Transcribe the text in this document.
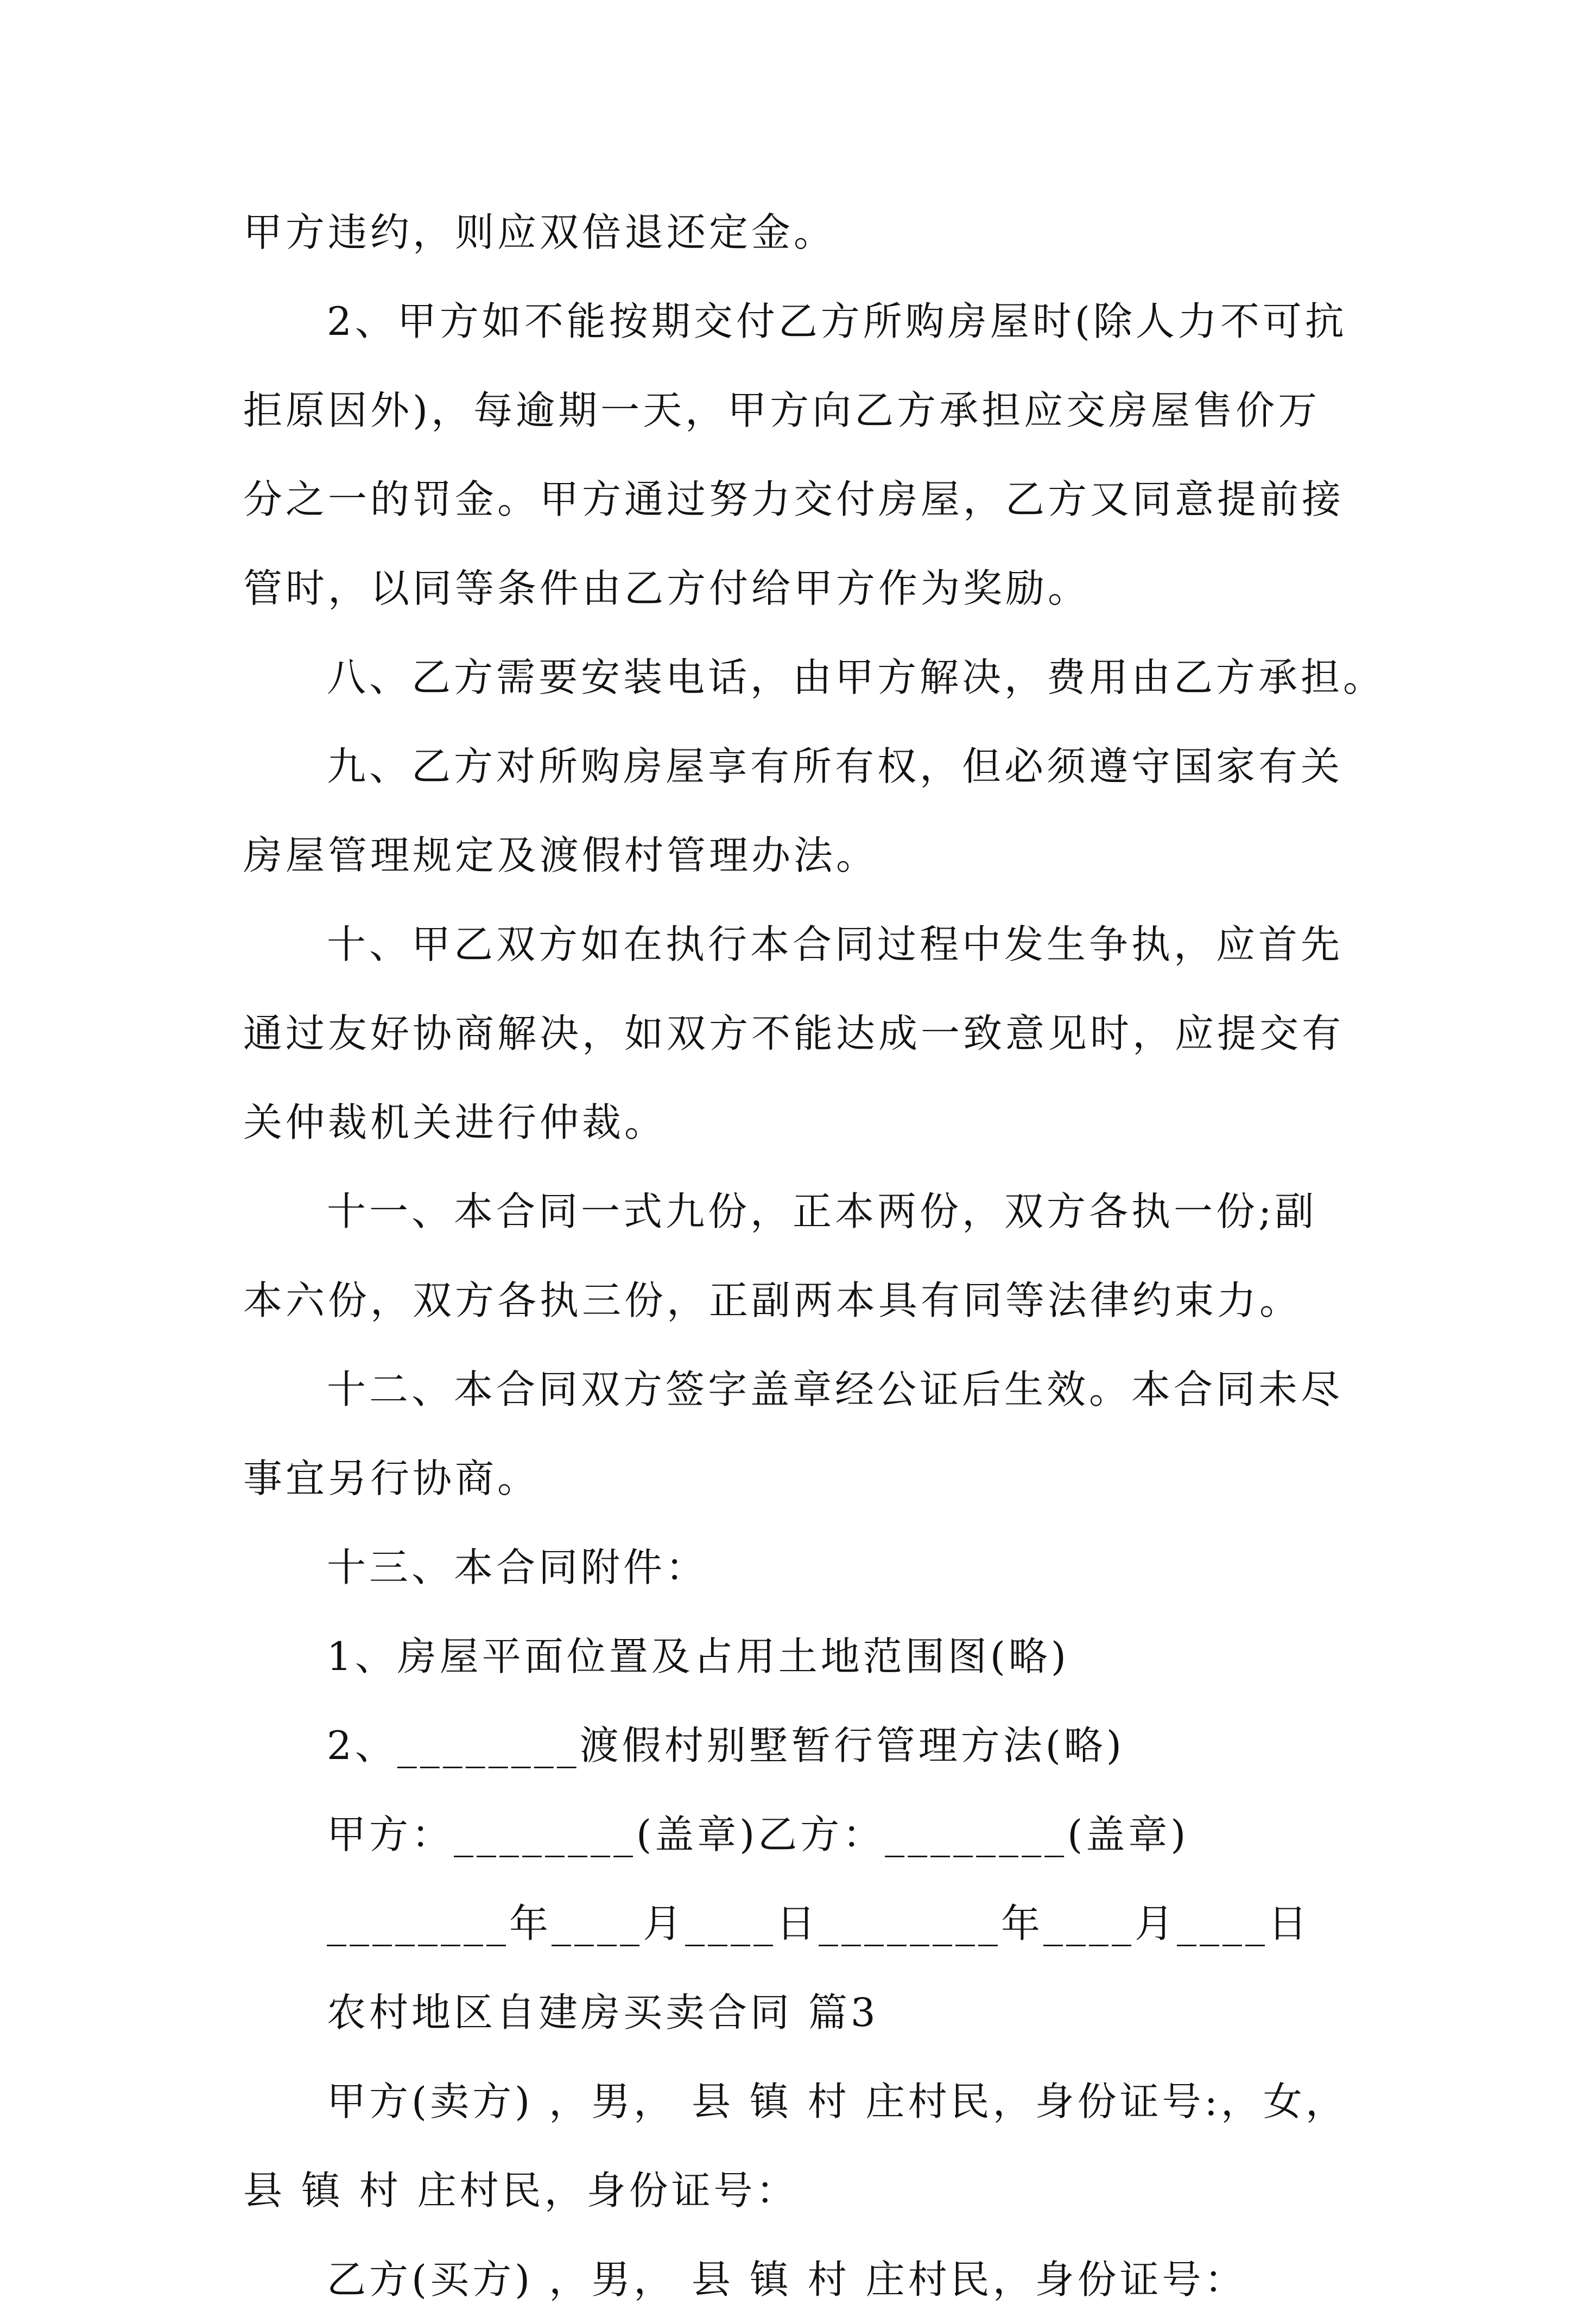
甲方违约，则应双倍退还定金。
2、甲方如不能按期交付乙方所购房屋时(除人力不可抗
拒原因外)，每逾期一天，甲方向乙方承担应交房屋售价万
分之一的罚金。甲方通过努力交付房屋，乙方又同意提前接
管时，以同等条件由乙方付给甲方作为奖励。
八、乙方需要安装电话，由甲方解决，费用由乙方承担。
九、乙方对所购房屋享有所有权，但必须遵守国家有关
房屋管理规定及渡假村管理办法。
十、甲乙双方如在执行本合同过程中发生争执，应首先
通过友好协商解决，如双方不能达成一致意见时，应提交有
关仲裁机关进行仲裁。
十一、本合同一式九份，正本两份，双方各执一份;副
本六份，双方各执三份，正副两本具有同等法律约束力。
十二、本合同双方签字盖章经公证后生效。本合同未尽
事宜另行协商。
十三、本合同附件：
1、房屋平面位置及占用土地范围图(略)
2、________渡假村别墅暂行管理方法(略)
甲方：________(盖章)乙方：________(盖章)
________年____月____日________年____月____日
农村地区自建房买卖合同 篇3
甲方(卖方) ，男， 县 镇 村 庄村民，身份证号:，女，
县 镇 村 庄村民，身份证号：
乙方(买方) ，男， 县 镇 村 庄村民，身份证号：
